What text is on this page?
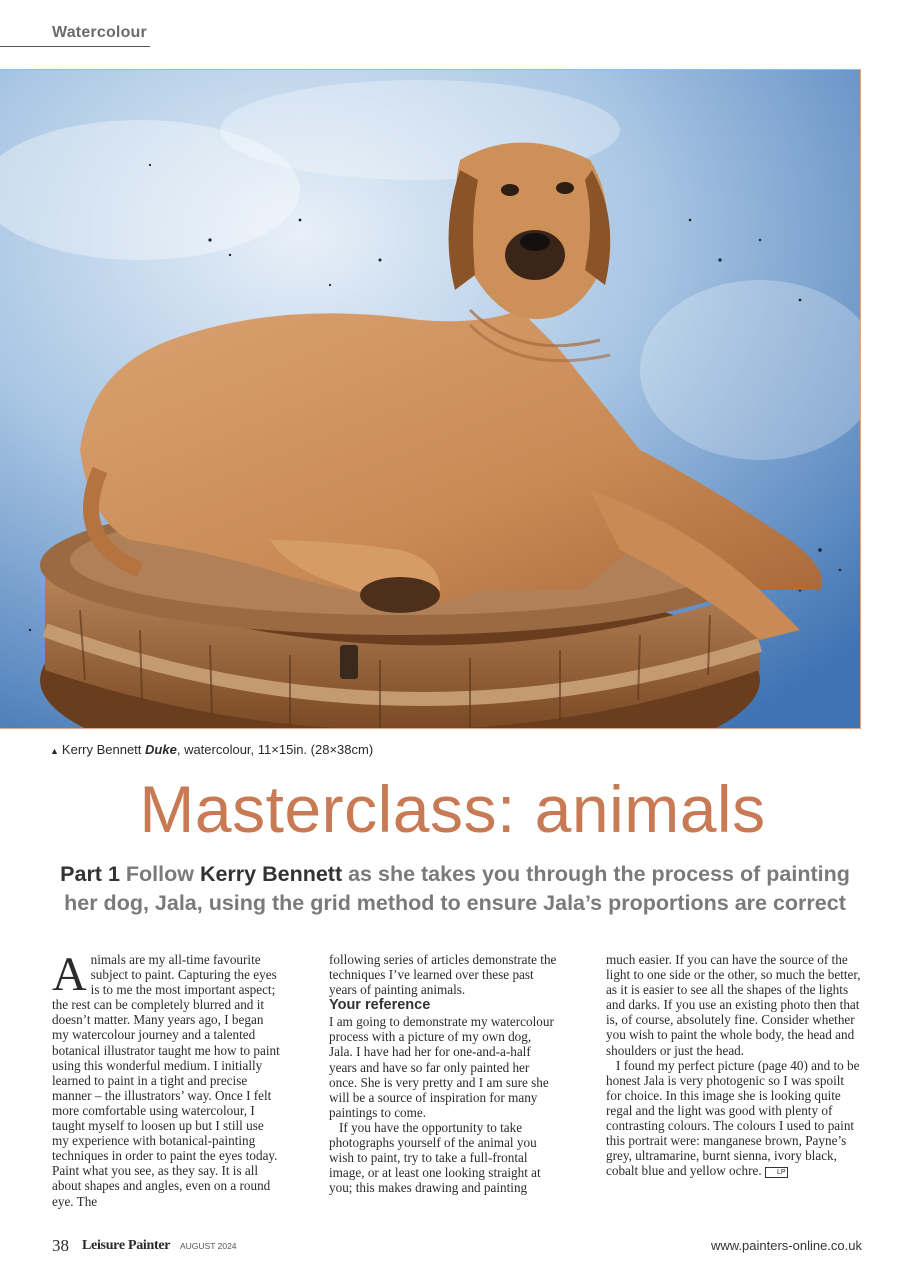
Watercolour
▲ Kerry Bennett Duke, watercolour, 11×15in. (28×38cm)
Masterclass: animals
Part 1 Follow Kerry Bennett as she takes you through the process of painting her dog, Jala, using the grid method to ensure Jala’s proportions are correct

Animals are my all-time favourite subject to paint. Capturing the eyes is to me the most important aspect; the rest can be completely blurred and it doesn’t matter. Many years ago, I began my watercolour journey and a talented botanical illustrator taught me how to paint using this wonderful medium. I initially learned to paint in a tight and precise manner – the illustrators’ way. Once I felt more comfortable using watercolour, I taught myself to loosen up but I still use my experience with botanical-painting techniques in order to paint the eyes today. Paint what you see, as they say. It is all about shapes and angles, even on a round eye. The

following series of articles demonstrate the techniques I’ve learned over these past years of painting animals.

Your reference

I am going to demonstrate my watercolour process with a picture of my own dog, Jala. I have had her for one-and-a-half years and have so far only painted her once. She is very pretty and I am sure she will be a source of inspiration for many paintings to come.

If you have the opportunity to take photographs yourself of the animal you wish to paint, try to take a full-frontal image, or at least one looking straight at you; this makes drawing and painting

much easier. If you can have the source of the light to one side or the other, so much the better, as it is easier to see all the shapes of the lights and darks. If you use an existing photo then that is, of course, absolutely fine. Consider whether you wish to paint the whole body, the head and shoulders or just the head.

I found my perfect picture (page 40) and to be honest Jala is very photogenic so I was spoilt for choice. In this image she is looking quite regal and the light was good with plenty of contrasting colours. The colours I used to paint this portrait were: manganese brown, Payne’s grey, ultramarine, burnt sienna, ivory black, cobalt blue and yellow ochre. LP

38 Leisure Painter AUGUST 2024	www.painters-online.co.uk
